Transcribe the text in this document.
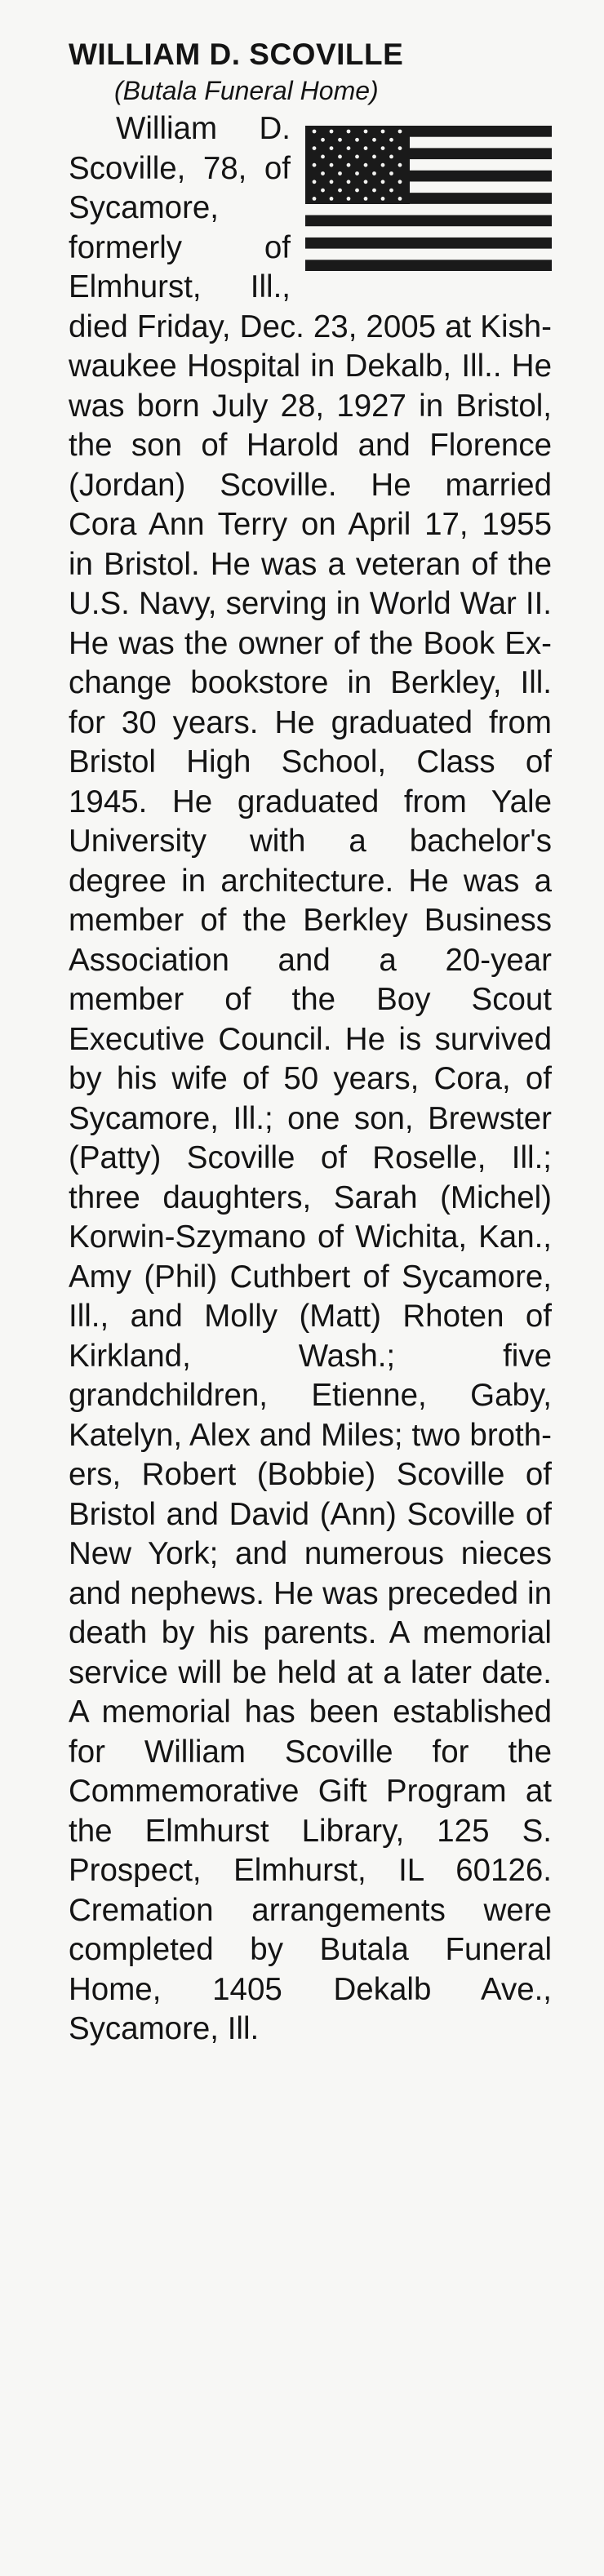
WILLIAM D. SCOVILLE
(Butala Funeral Home)

William D. Scoville, 78, of Sycamore, formerly of Elmhurst, Ill., died Friday, Dec. 23, 2005 at Kish-waukee Hospital in Dekalb, Ill.. He was born July 28, 1927 in Bristol, the son of Harold and Florence (Jordan) Scoville. He married Cora Ann Terry on April 17, 1955 in Bristol. He was a veteran of the U.S. Navy, serving in World War II. He was the owner of the Book Exchange bookstore in Berkley, Ill. for 30 years. He graduated from Bristol High School, Class of 1945. He graduated from Yale University with a bachelor's degree in architecture. He was a member of the Berkley Business Association and a 20-year member of the Boy Scout Executive Council. He is survived by his wife of 50 years, Cora, of Sycamore, Ill.; one son, Brewster (Patty) Scoville of Roselle, Ill.; three daughters, Sarah (Michel) Korwin-Szymano of Wichita, Kan., Amy (Phil) Cuthbert of Sycamore, Ill., and Molly (Matt) Rhoten of Kirkland, Wash.; five grandchildren, Etienne, Gaby, Katelyn, Alex and Miles; two brothers, Robert (Bobbie) Scoville of Bristol and David (Ann) Scoville of New York; and numerous nieces and nephews. He was preceded in death by his parents. A memorial service will be held at a later date. A memorial has been established for William Scoville for the Commemorative Gift Program at the Elmhurst Library, 125 S. Prospect, Elmhurst, IL 60126. Cremation arrangements were completed by Butala Funeral Home, 1405 Dekalb Ave., Sycamore, Ill.
